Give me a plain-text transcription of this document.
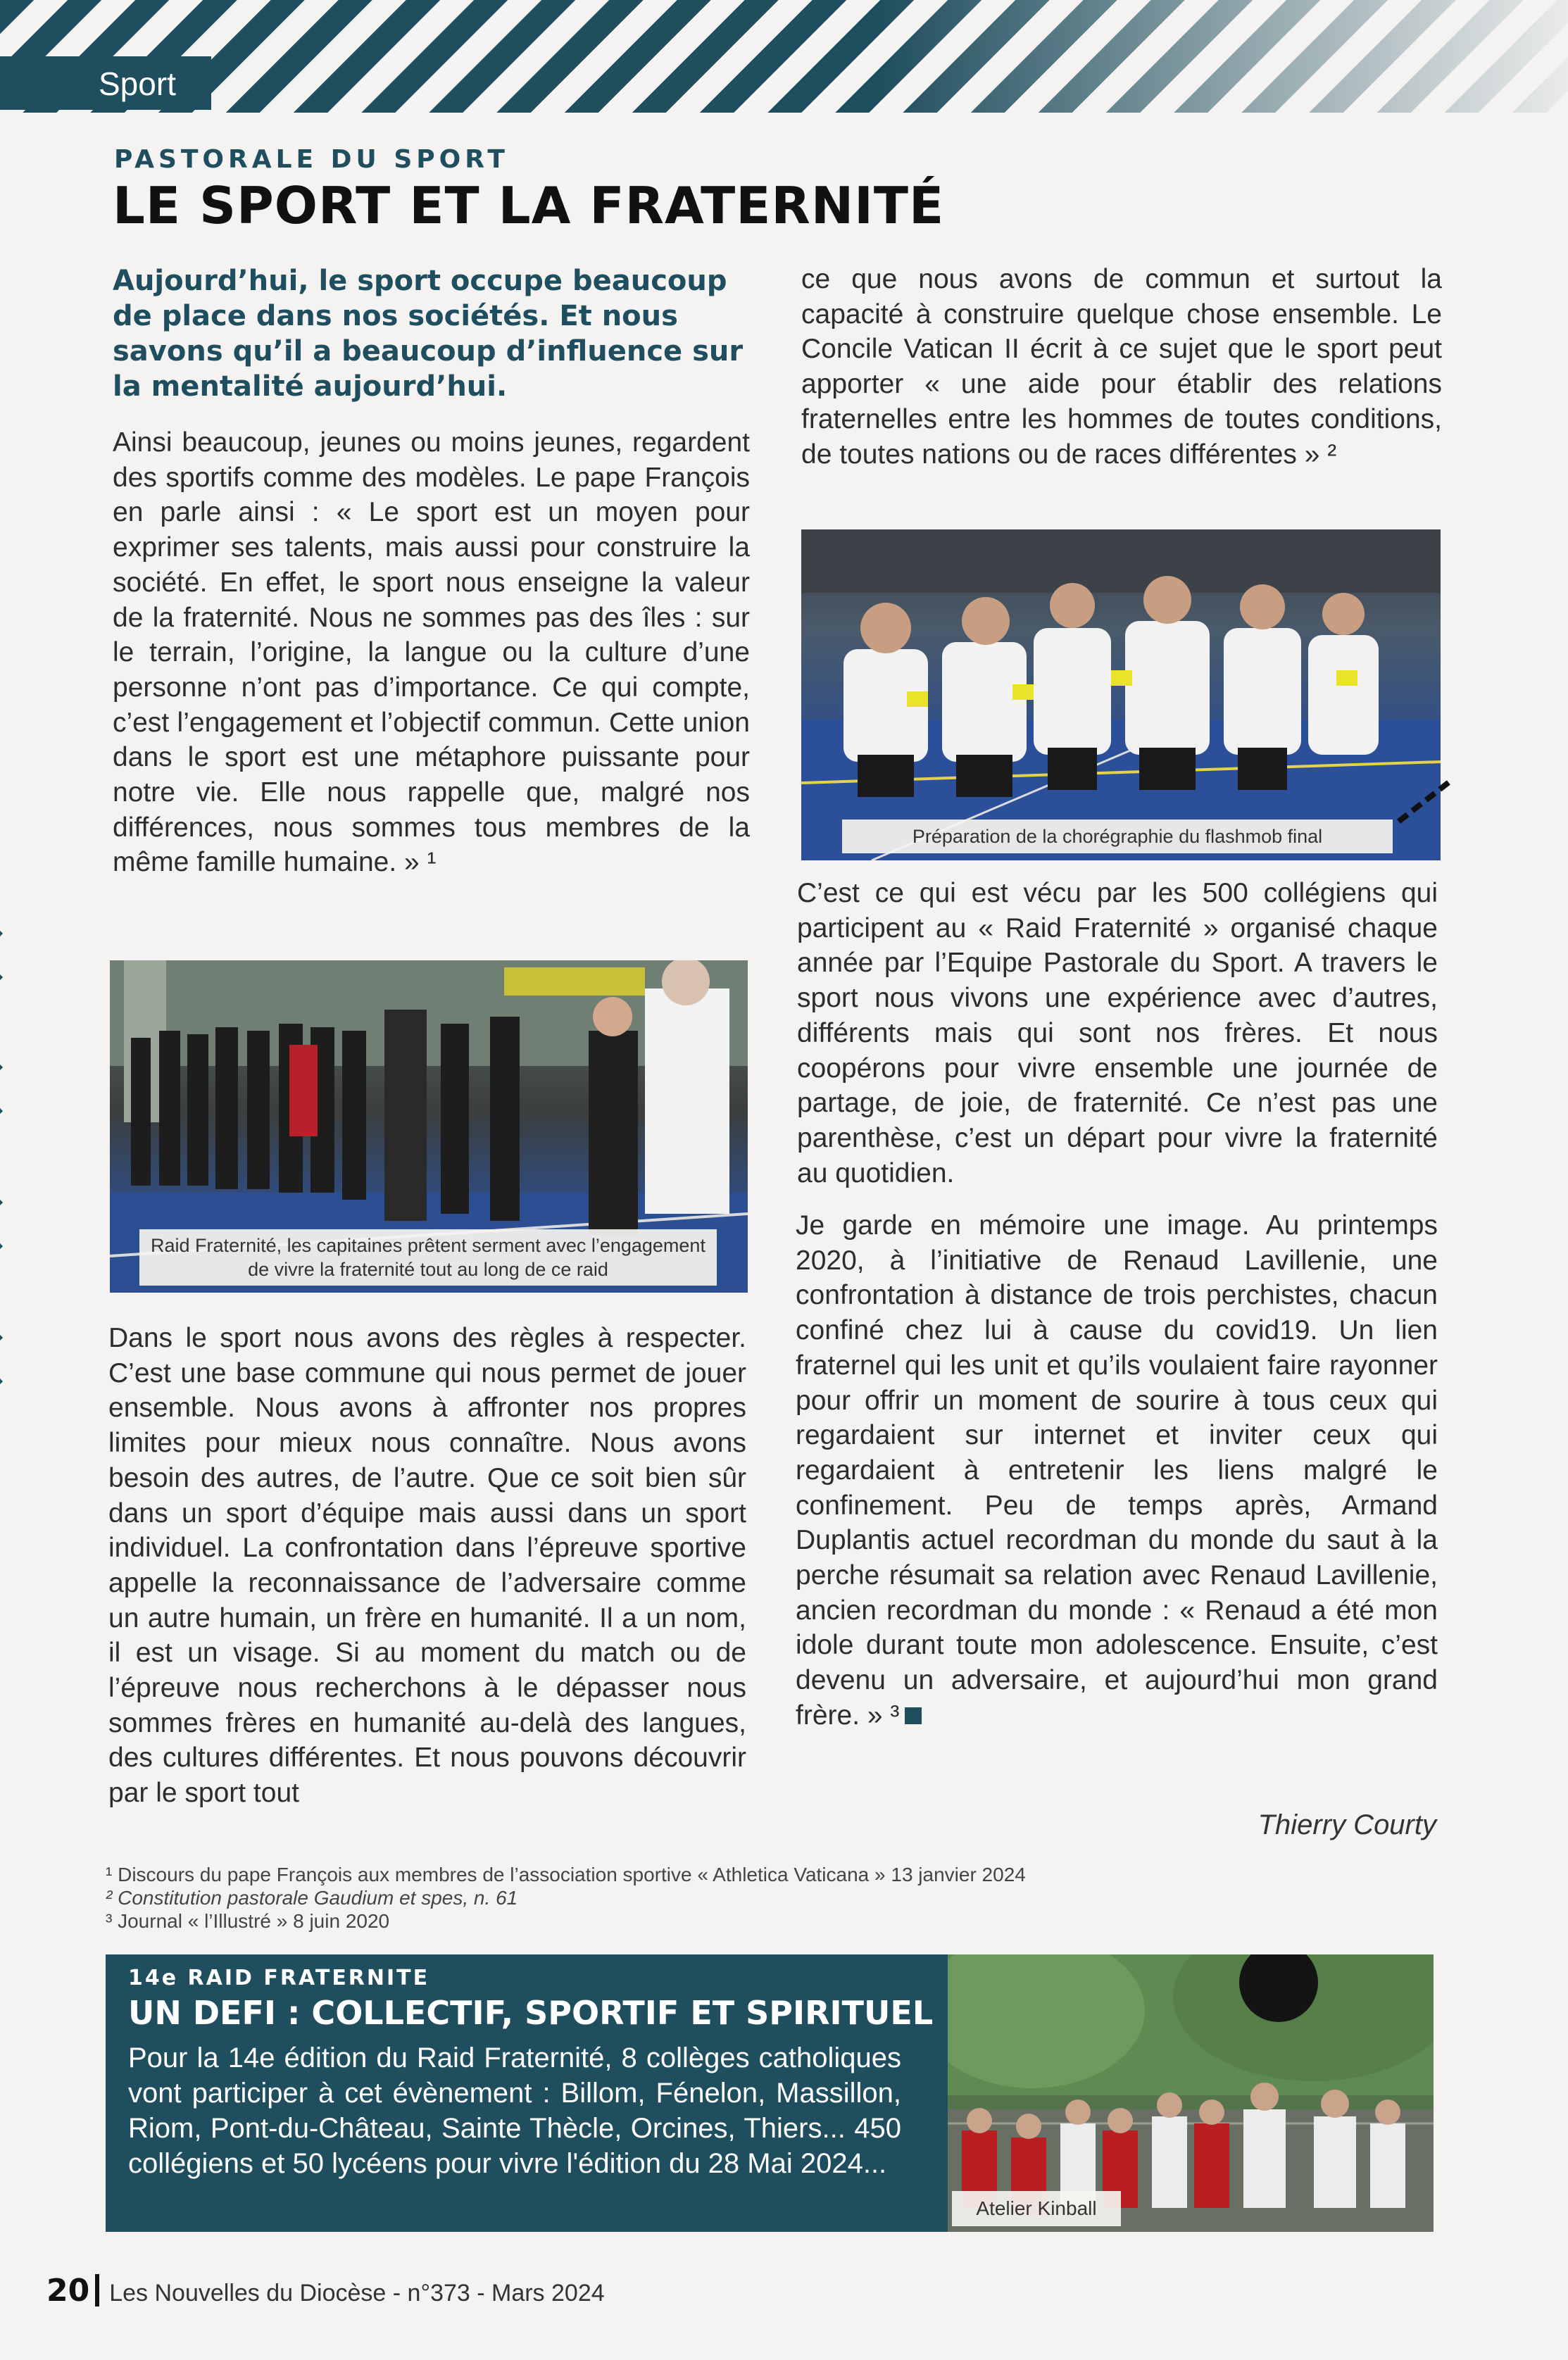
Sport
PASTORALE DU SPORT
LE SPORT ET LA FRATERNITÉ
Aujourd’hui, le sport occupe beaucoup de place dans nos sociétés. Et nous savons qu’il a beaucoup d’influence sur la mentalité aujourd’hui.
Ainsi beaucoup, jeunes ou moins jeunes, regardent des sportifs comme des modèles. Le pape François en parle ainsi : « Le sport est un moyen pour exprimer ses talents, mais aussi pour construire la société. En effet, le sport nous enseigne la valeur de la fraternité. Nous ne sommes pas des îles : sur le terrain, l’origine, la langue ou la culture d’une personne n’ont pas d’importance. Ce qui compte, c’est l’engagement et l’objectif commun. Cette union dans le sport est une métaphore puissante pour notre vie. Elle nous rappelle que, malgré nos différences, nous sommes tous membres de la même famille humaine. » ¹
Raid Fraternité, les capitaines prêtent serment avec l’engagement de vivre la fraternité tout au long de ce raid
Dans le sport nous avons des règles à respecter. C’est une base commune qui nous permet de jouer ensemble. Nous avons à affronter nos propres limites pour mieux nous connaître. Nous avons besoin des autres, de l’autre. Que ce soit bien sûr dans un sport d’équipe mais aussi dans un sport individuel. La confrontation dans l’épreuve sportive appelle la reconnaissance de l’adversaire comme un autre humain, un frère en humanité. Il a un nom, il est un visage. Si au moment du match ou de l’épreuve nous recherchons à le dépasser nous sommes frères en humanité au-delà des langues, des cultures différentes. Et nous pouvons découvrir par le sport tout
ce que nous avons de commun et surtout la capacité à construire quelque chose ensemble. Le Concile Vatican II écrit à ce sujet que le sport peut apporter « une aide pour établir des relations fraternelles entre les hommes de toutes conditions, de toutes nations ou de races différentes » ²
Préparation de la chorégraphie du flashmob final
C’est ce qui est vécu par les 500 collégiens qui participent au « Raid Fraternité » organisé chaque année par l’Equipe Pastorale du Sport. A travers le sport nous vivons une expérience avec d’autres, différents mais qui sont nos frères. Et nous coopérons pour vivre ensemble une journée de partage, de joie, de fraternité. Ce n’est pas une parenthèse, c’est un départ pour vivre la fraternité au quotidien.
Je garde en mémoire une image. Au printemps 2020, à l’initiative de Renaud Lavillenie, une confrontation à distance de trois perchistes, chacun confiné chez lui à cause du covid19. Un lien fraternel qui les unit et qu’ils voulaient faire rayonner pour offrir un moment de sourire à tous ceux qui regardaient sur internet et inviter ceux qui regardaient à entretenir les liens malgré le confinement. Peu de temps après, Armand Duplantis actuel recordman du monde du saut à la perche résumait sa relation avec Renaud Lavillenie, ancien recordman du monde : « Renaud a été mon idole durant toute mon adolescence. Ensuite, c’est devenu un adversaire, et aujourd’hui mon grand frère. » ³
Thierry Courty
¹ Discours du pape François aux membres de l’association sportive « Athletica Vaticana » 13 janvier 2024
² Constitution pastorale Gaudium et spes, n. 61
³ Journal « l’Illustré » 8 juin 2020
14e RAID FRATERNITE
UN DEFI : COLLECTIF, SPORTIF ET SPIRITUEL
Pour la 14e édition du Raid Fraternité, 8 collèges catholiques vont participer à cet évènement : Billom, Fénelon, Massillon, Riom, Pont-du-Château, Sainte Thècle, Orcines, Thiers... 450 collégiens et 50 lycéens pour vivre l'édition du 28 Mai 2024...
Atelier Kinball
20 Les Nouvelles du Diocèse - n°373 - Mars 2024
